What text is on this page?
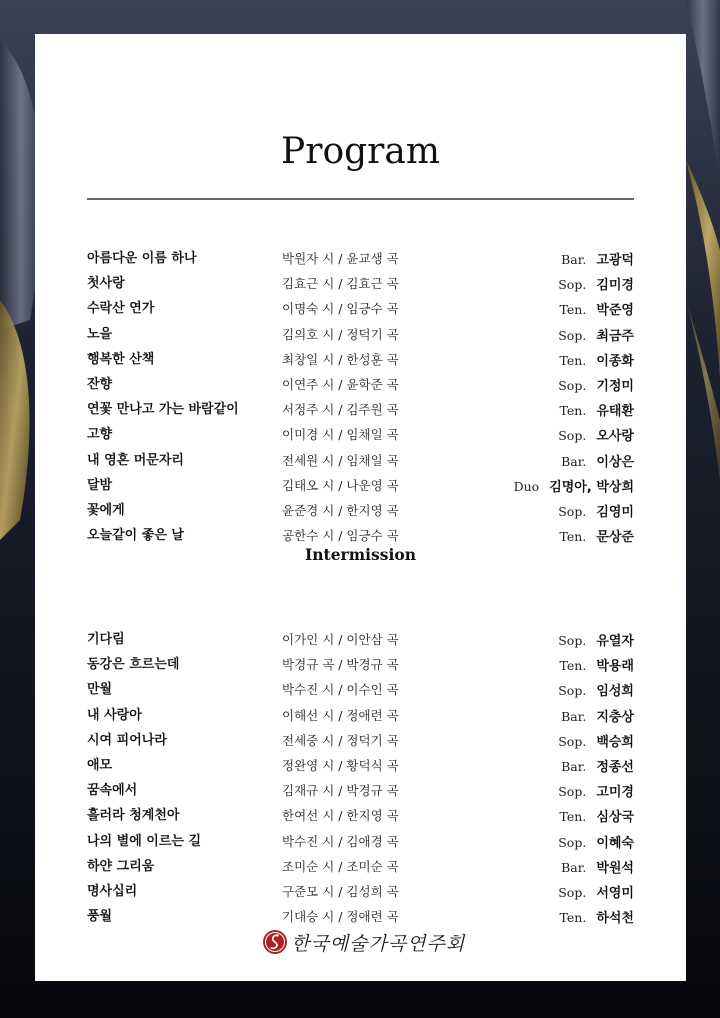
Program
아름다운 이름 하나	박원자 시 / 윤교생 곡	Bar. 고광덕
첫사랑	김효근 시 / 김효근 곡	Sop. 김미경
수락산 연가	이명숙 시 / 임긍수 곡	Ten. 박준영
노을	김의호 시 / 정덕기 곡	Sop. 최금주
행복한 산책	최창일 시 / 한성훈 곡	Ten. 이종화
잔향	이연주 시 / 윤학준 곡	Sop. 기정미
연꽃 만나고 가는 바람같이	서정주 시 / 김주원 곡	Ten. 유태환
고향	이미경 시 / 임채일 곡	Sop. 오사랑
내 영혼 머문자리	전세원 시 / 임채일 곡	Bar. 이상은
달밤	김태오 시 / 나운영 곡	Duo 김명아, 박상희
꽃에게	윤준경 시 / 한지영 곡	Sop. 김영미
오늘같이 좋은 날	공한수 시 / 임긍수 곡	Ten. 문상준
Intermission
기다림	이가인 시 / 이안삼 곡	Sop. 유열자
동강은 흐르는데	박경규 곡 / 박경규 곡	Ten. 박용래
만월	박수진 시 / 이수인 곡	Sop. 임성희
내 사랑아	이해선 시 / 정애련 곡	Bar. 지충상
시여 피어나라	전세중 시 / 정덕기 곡	Sop. 백승희
애모	정완영 시 / 황덕식 곡	Bar. 정종선
꿈속에서	김재규 시 / 박경규 곡	Sop. 고미경
흘러라 청계천아	한여선 시 / 한지영 곡	Ten. 심상국
나의 별에 이르는 길	박수진 시 / 김애경 곡	Sop. 이혜숙
하얀 그리움	조미순 시 / 조미순 곡	Bar. 박원석
명사십리	구준모 시 / 김성희 곡	Sop. 서영미
풍월	기대승 시 / 정애련 곡	Ten. 하석천
한국예술가곡연주회
